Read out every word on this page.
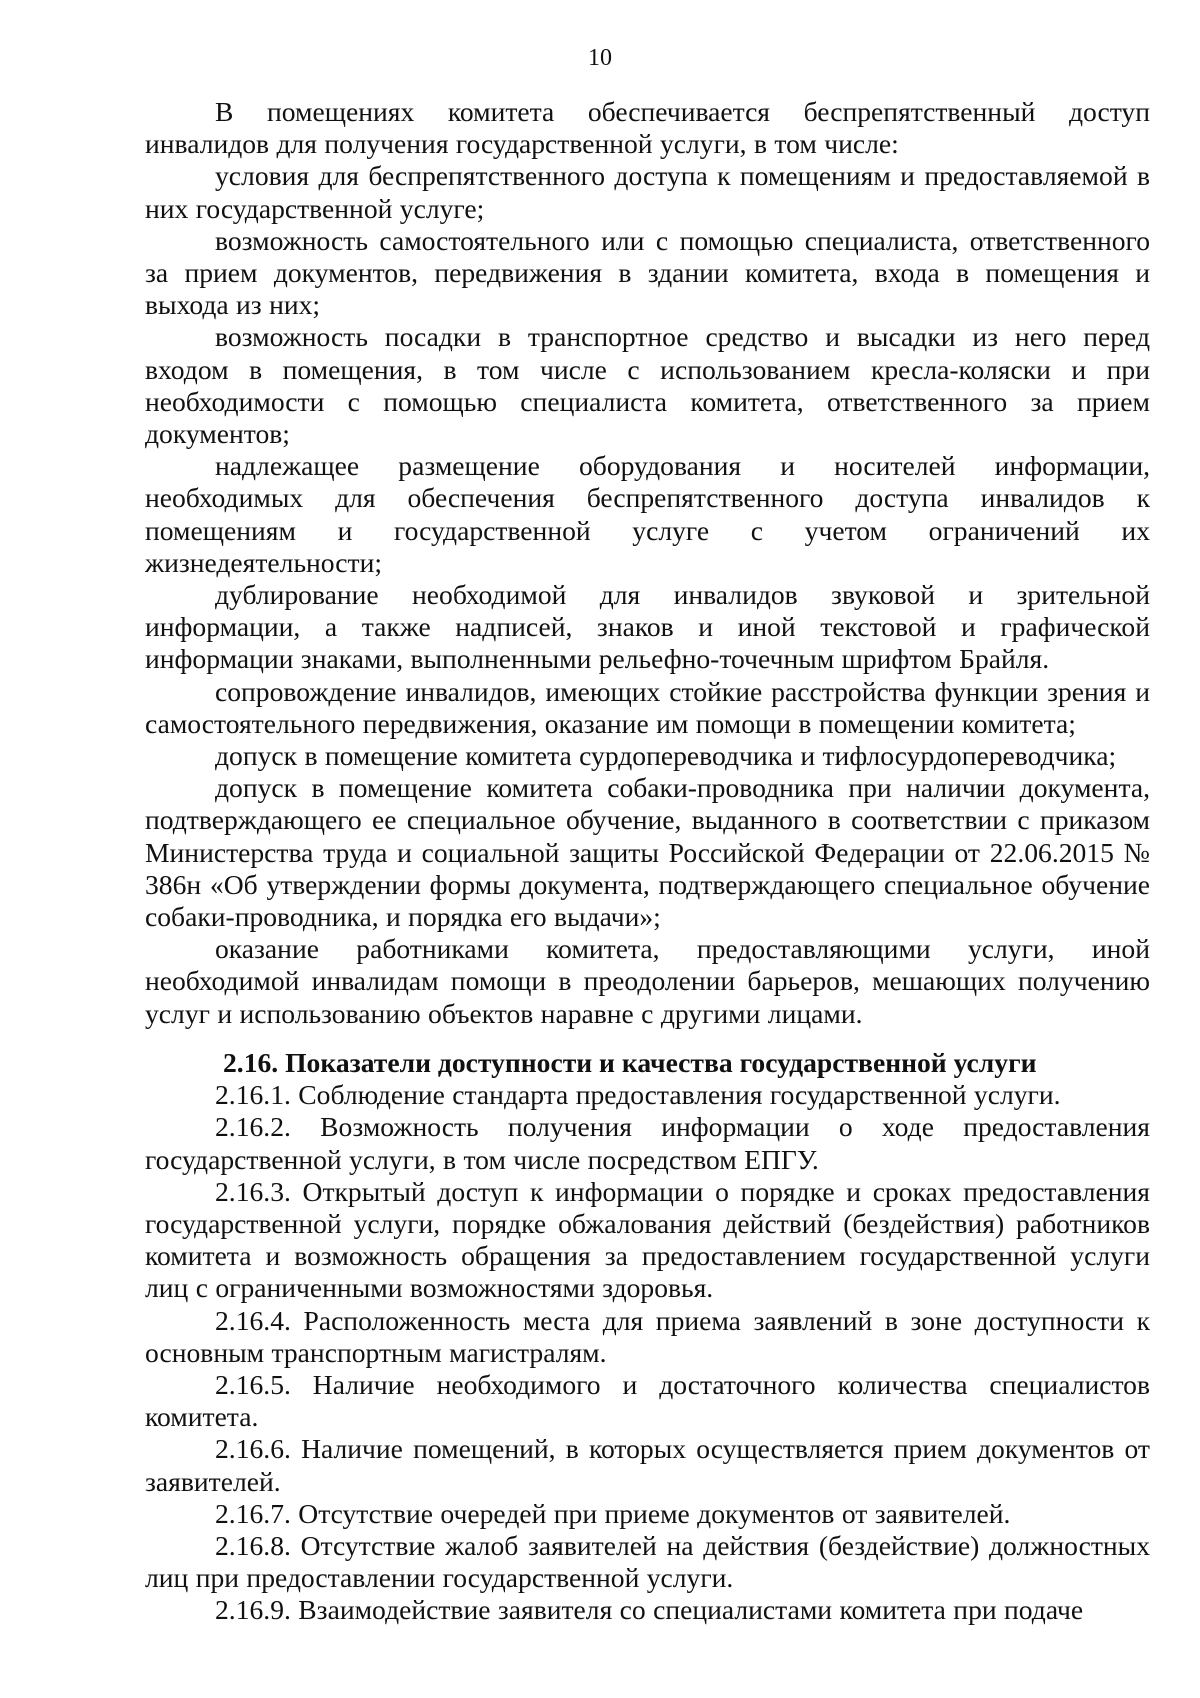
10

В помещениях комитета обеспечивается беспрепятственный доступ инвалидов для получения государственной услуги, в том числе:

условия для беспрепятственного доступа к помещениям и предоставляемой в них государственной услуге;

возможность самостоятельного или с помощью специалиста, ответственного за прием документов, передвижения в здании комитета, входа в помещения и выхода из них;

возможность посадки в транспортное средство и высадки из него перед входом в помещения, в том числе с использованием кресла-коляски и при необходимости с помощью специалиста комитета, ответственного за прием документов;

надлежащее размещение оборудования и носителей информации, необходимых для обеспечения беспрепятственного доступа инвалидов к помещениям и государственной услуге с учетом ограничений их жизнедеятельности;

дублирование необходимой для инвалидов звуковой и зрительной информации, а также надписей, знаков и иной текстовой и графической информации знаками, выполненными рельефно-точечным шрифтом Брайля.

сопровождение инвалидов, имеющих стойкие расстройства функции зрения и самостоятельного передвижения, оказание им помощи в помещении комитета;

допуск в помещение комитета сурдопереводчика и тифлосурдопереводчика;

допуск в помещение комитета собаки-проводника при наличии документа, подтверждающего ее специальное обучение, выданного в соответствии с приказом Министерства труда и социальной защиты Российской Федерации от 22.06.2015 № 386н «Об утверждении формы документа, подтверждающего специальное обучение собаки-проводника, и порядка его выдачи»;

оказание работниками комитета, предоставляющими услуги, иной необходимой инвалидам помощи в преодолении барьеров, мешающих получению услуг и использованию объектов наравне с другими лицами.

2.16. Показатели доступности и качества государственной услуги

2.16.1. Соблюдение стандарта предоставления государственной услуги.

2.16.2. Возможность получения информации о ходе предоставления государственной услуги, в том числе посредством ЕПГУ.

2.16.3. Открытый доступ к информации о порядке и сроках предоставления государственной услуги, порядке обжалования действий (бездействия) работников комитета и возможность обращения за предоставлением государственной услуги лиц с ограниченными возможностями здоровья.

2.16.4. Расположенность места для приема заявлений в зоне доступности к основным транспортным магистралям.

2.16.5. Наличие необходимого и достаточного количества специалистов комитета.

2.16.6. Наличие помещений, в которых осуществляется прием документов от заявителей.

2.16.7. Отсутствие очередей при приеме документов от заявителей.

2.16.8. Отсутствие жалоб заявителей на действия (бездействие) должностных лиц при предоставлении государственной услуги.

2.16.9. Взаимодействие заявителя со специалистами комитета при подаче
